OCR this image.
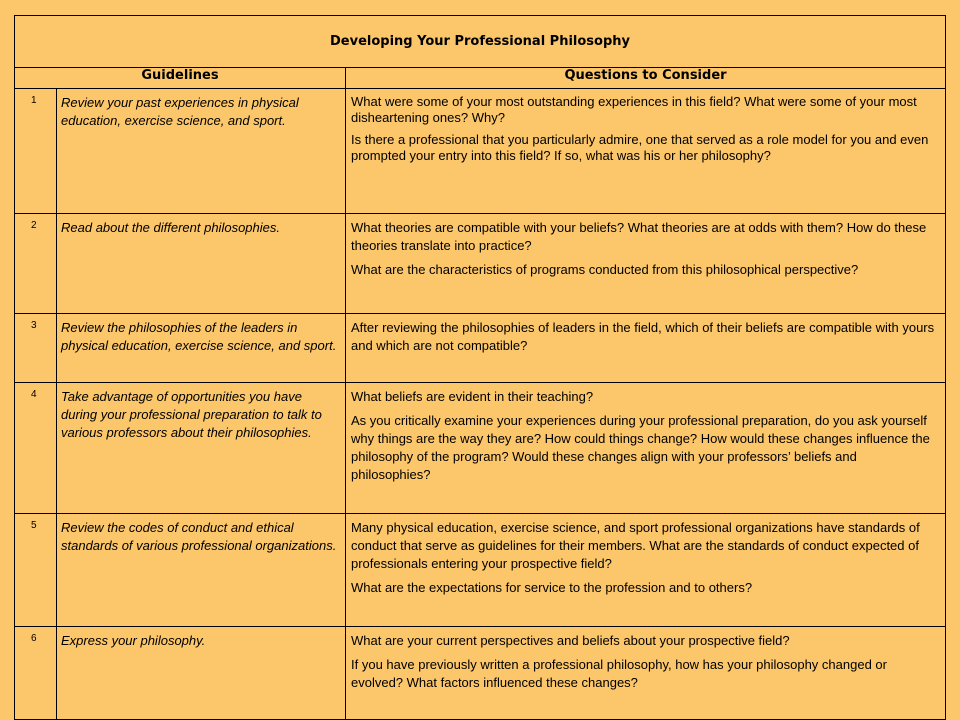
Developing Your Professional Philosophy		
Guidelines		Questions to Consider
1	Review your past experiences in physical education, exercise science, and sport.	What were some of your most outstanding experiences in this field? What were some of your most disheartening ones? Why?

Is there a professional that you particularly admire, one that served as a role model for you and even prompted your entry into this field? If so, what was his or her philosophy?

2	Read about the different philosophies.	What theories are compatible with your beliefs? What theories are at odds with them? How do these theories translate into practice?

What are the characteristics of programs conducted from this philosophical perspective?

3	Review the philosophies of the leaders in physical education, exercise science, and sport.	After reviewing the philosophies of leaders in the field, which of their beliefs are compatible with yours and which are not compatible?

4	Take advantage of opportunities you have during your professional preparation to talk to various professors about their philosophies.	What beliefs are evident in their teaching?

As you critically examine your experiences during your professional preparation, do you ask yourself why things are the way they are? How could things change? How would these changes influence the philosophy of the program? Would these changes align with your professors’ beliefs and philosophies?

5	Review the codes of conduct and ethical standards of various professional organizations.	Many physical education, exercise science, and sport professional organizations have standards of conduct that serve as guidelines for their members. What are the standards of conduct expected of professionals entering your prospective field?

What are the expectations for service to the profession and to others?

6	Express your philosophy.	What are your current perspectives and beliefs about your prospective field?

If you have previously written a professional philosophy, how has your philosophy changed or evolved? What factors influenced these changes?
